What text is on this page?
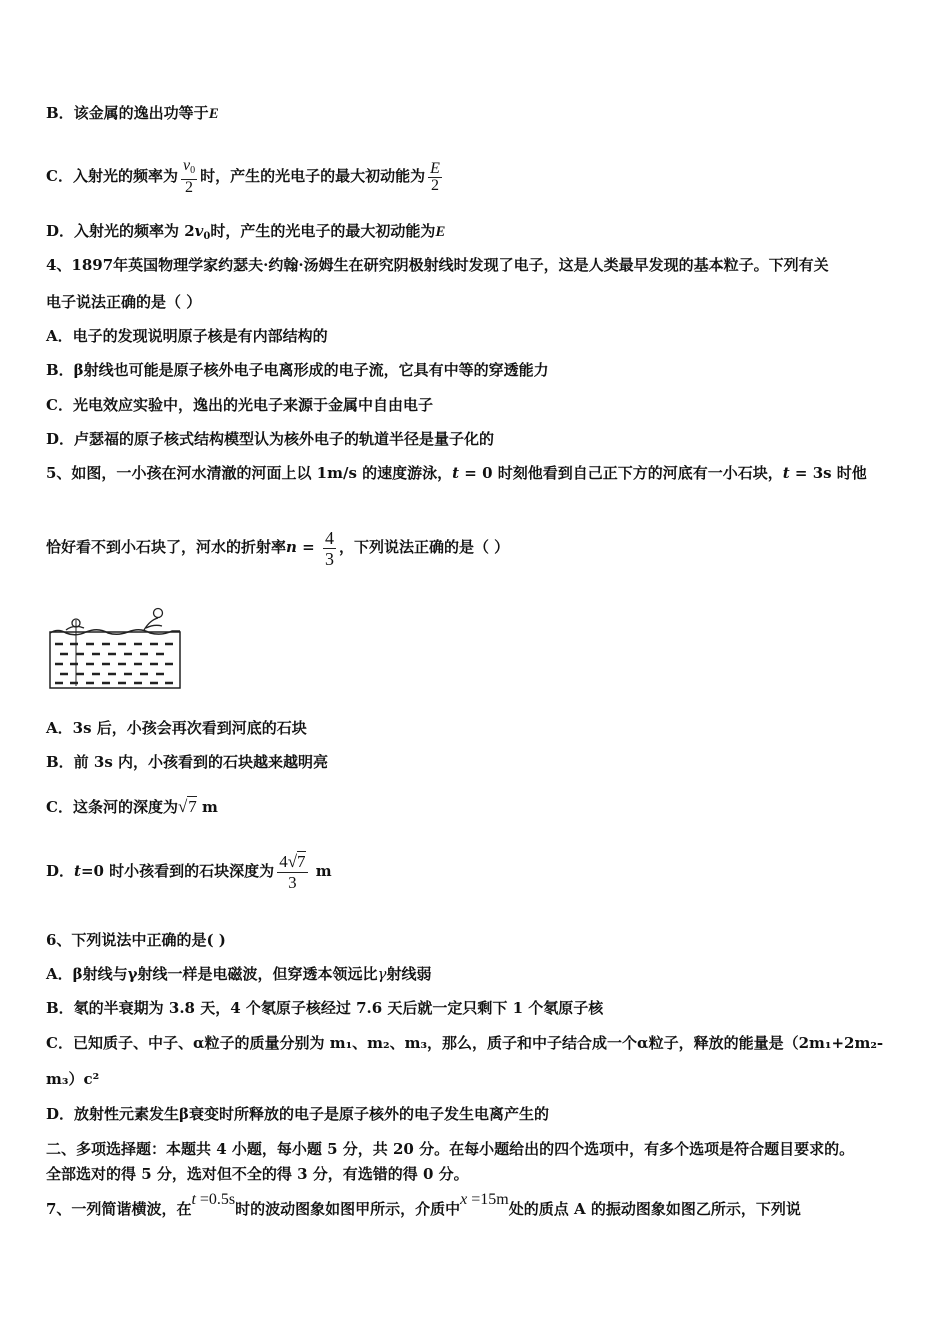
B．该金属的逸出功等于E
C．入射光的频率为 $\frac{v_0}{2}$ 时，产生的光电子的最大初动能为 $\frac{E}{2}$
D．入射光的频率为 $2v_0$时，产生的光电子的最大初动能为E
4、1897年英国物理学家约瑟夫·约翰·汤姆生在研究阴极射线时发现了电子，这是人类最早发现的基本粒子。下列有关
电子说法正确的是（ ）
A．电子的发现说明原子核是有内部结构的
B．β射线也可能是原子核外电子电离形成的电子流，它具有中等的穿透能力
C．光电效应实验中，逸出的光电子来源于金属中自由电子
D．卢瑟福的原子核式结构模型认为核外电子的轨道半径是量子化的
5、如图，一小孩在河水清澈的河面上以 1m/s 的速度游泳，t = 0 时刻他看到自己正下方的河底有一小石块，t = 3s 时他
恰好看不到小石块了，河水的折射率$n = \frac{4}{3}$ ，下列说法正确的是（ ）
A．3s 后，小孩会再次看到河底的石块
B．前 3s 内，小孩看到的石块越来越明亮
C．这条河的深度为√7 m
D．t=0 时小孩看到的石块深度为 $\frac{4√7}{3}$ m
6、下列说法中正确的是( )
A．β射线与γ射线一样是电磁波，但穿透本领远比γ射线弱
B．氡的半衰期为 3.8 天，4 个氡原子核经过 7.6 天后就一定只剩下 1 个氡原子核
C．已知质子、中子、α粒子的质量分别为 m₁、m₂、m₃，那么，质子和中子结合成一个α粒子，释放的能量是（2m₁+2m₂-
m₃）c²
D．放射性元素发生β衰变时所释放的电子是原子核外的电子发生电离产生的
二、多项选择题：本题共 4 小题，每小题 5 分，共 20 分。在每小题给出的四个选项中，有多个选项是符合题目要求的。
全部选对的得 5 分，选对但不全的得 3 分，有选错的得 0 分。
7、一列简谐横波，在t =0.5s时的波动图象如图甲所示，介质中x =15m处的质点 A 的振动图象如图乙所示，下列说
